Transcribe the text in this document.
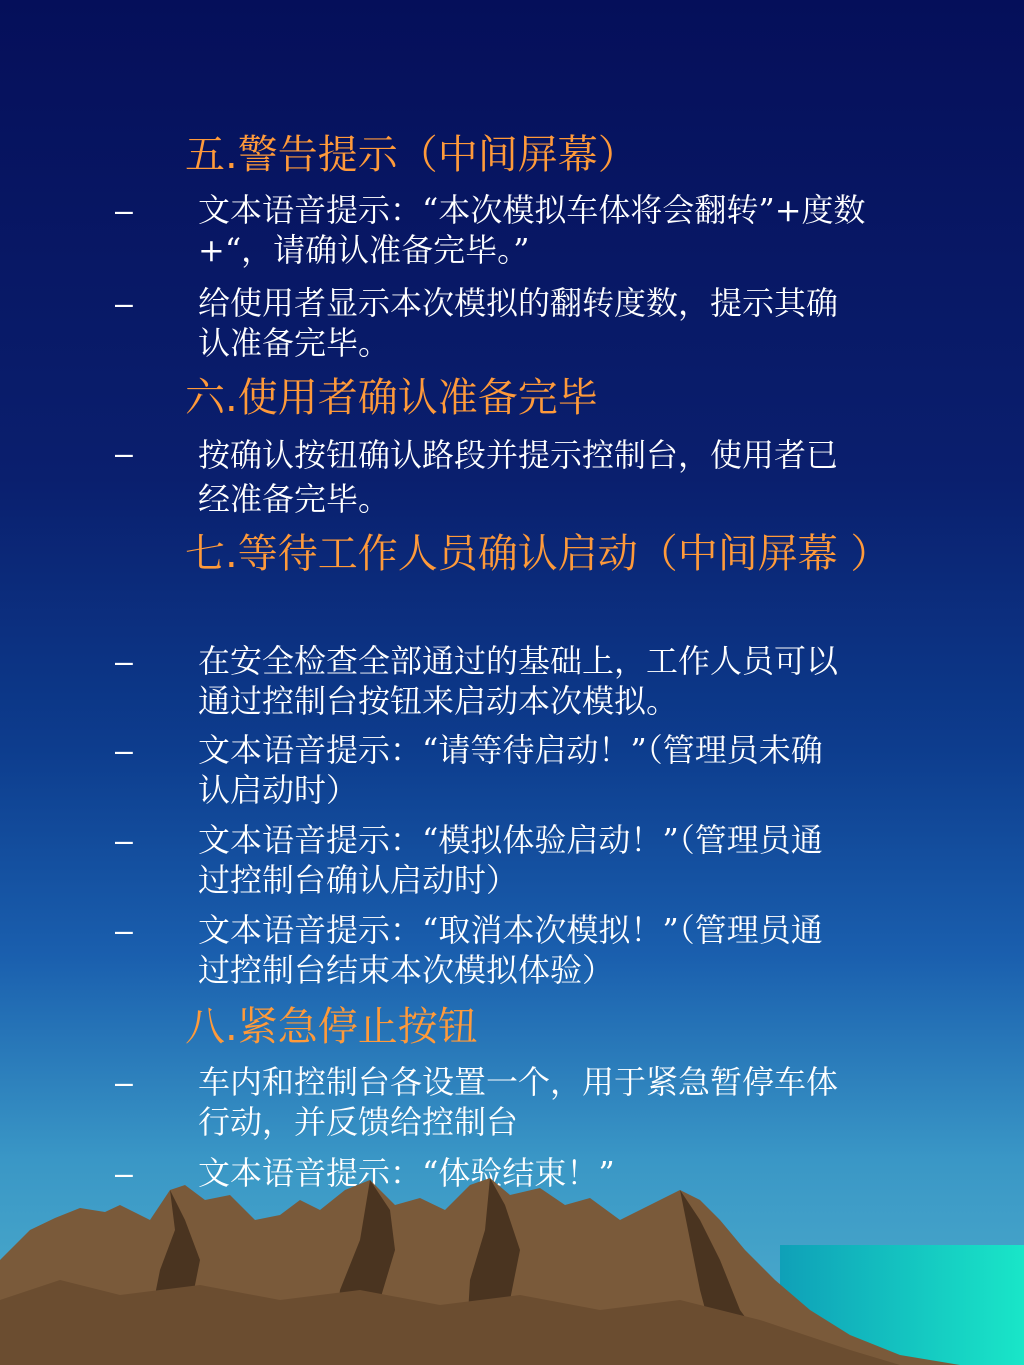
五.警告提示（中间屏幕）
– 文本语音提示：“本次模拟车体将会翻转”+度数
+“，请确认准备完毕。”
– 给使用者显示本次模拟的翻转度数，提示其确
认准备完毕。
六.使用者确认准备完毕
– 按确认按钮确认路段并提示控制台，使用者已
经准备完毕。
七.等待工作人员确认启动（中间屏幕 ）
– 在安全检查全部通过的基础上，工作人员可以
通过控制台按钮来启动本次模拟。
– 文本语音提示：“请等待启动！”（管理员未确
认启动时）
– 文本语音提示：“模拟体验启动！”（管理员通
过控制台确认启动时）
– 文本语音提示：“取消本次模拟！”（管理员通
过控制台结束本次模拟体验）
八.紧急停止按钮
– 车内和控制台各设置一个，用于紧急暂停车体
行动，并反馈给控制台
– 文本语音提示：“体验结束！”
